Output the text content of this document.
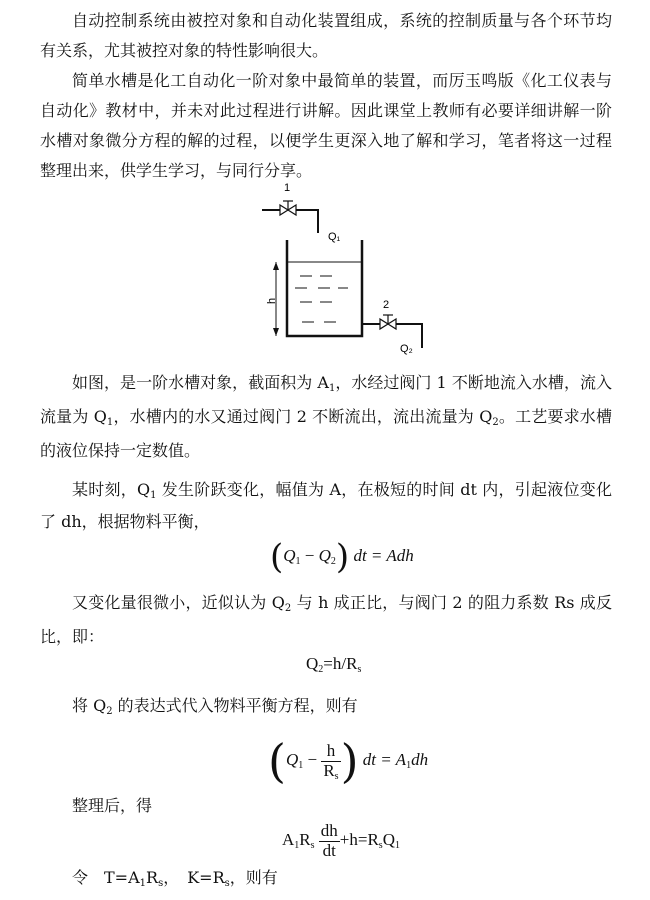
自动控制系统由被控对象和自动化装置组成，系统的控制质量与各个环节均有关系，尤其被控对象的特性影响很大。

简单水槽是化工自动化一阶对象中最简单的装置，而厉玉鸣版《化工仪表与自动化》教材中，并未对此过程进行讲解。因此课堂上教师有必要详细讲解一阶水槽对象微分方程的解的过程，以便学生更深入地了解和学习，笔者将这一过程整理出来，供学生学习，与同行分享。

1
Q₁
h	2
Q₂

如图，是一阶水槽对象，截面积为 $A_1$，水经过阀门 1 不断地流入水槽，流入流量为 $Q_1$，水槽内的水又通过阀门 2 不断流出，流出流量为 $Q_2$。工艺要求水槽的液位保持一定数值。

某时刻，$Q_1$ 发生阶跃变化，幅值为 A，在极短的时间 dt 内，引起液位变化了 dh，根据物料平衡，

$(Q_1 - Q_2)$ dt = Adh

又变化量很微小，近似认为 $Q_2$ 与 h 成正比，与阀门 2 的阻力系数 Rs 成反比，即：

$Q_2=h/R_s$
将 $Q_2$ 的表达式代入物料平衡方程，则有
($Q_1 - \frac{h}{R_s}$ ) dt = $A_1dh$
整理后，得
$A_1R_s \frac{dh}{dt} +h=R_sQ_1$
令　$T=A_1R_s$，　$K=R_s$，则有
